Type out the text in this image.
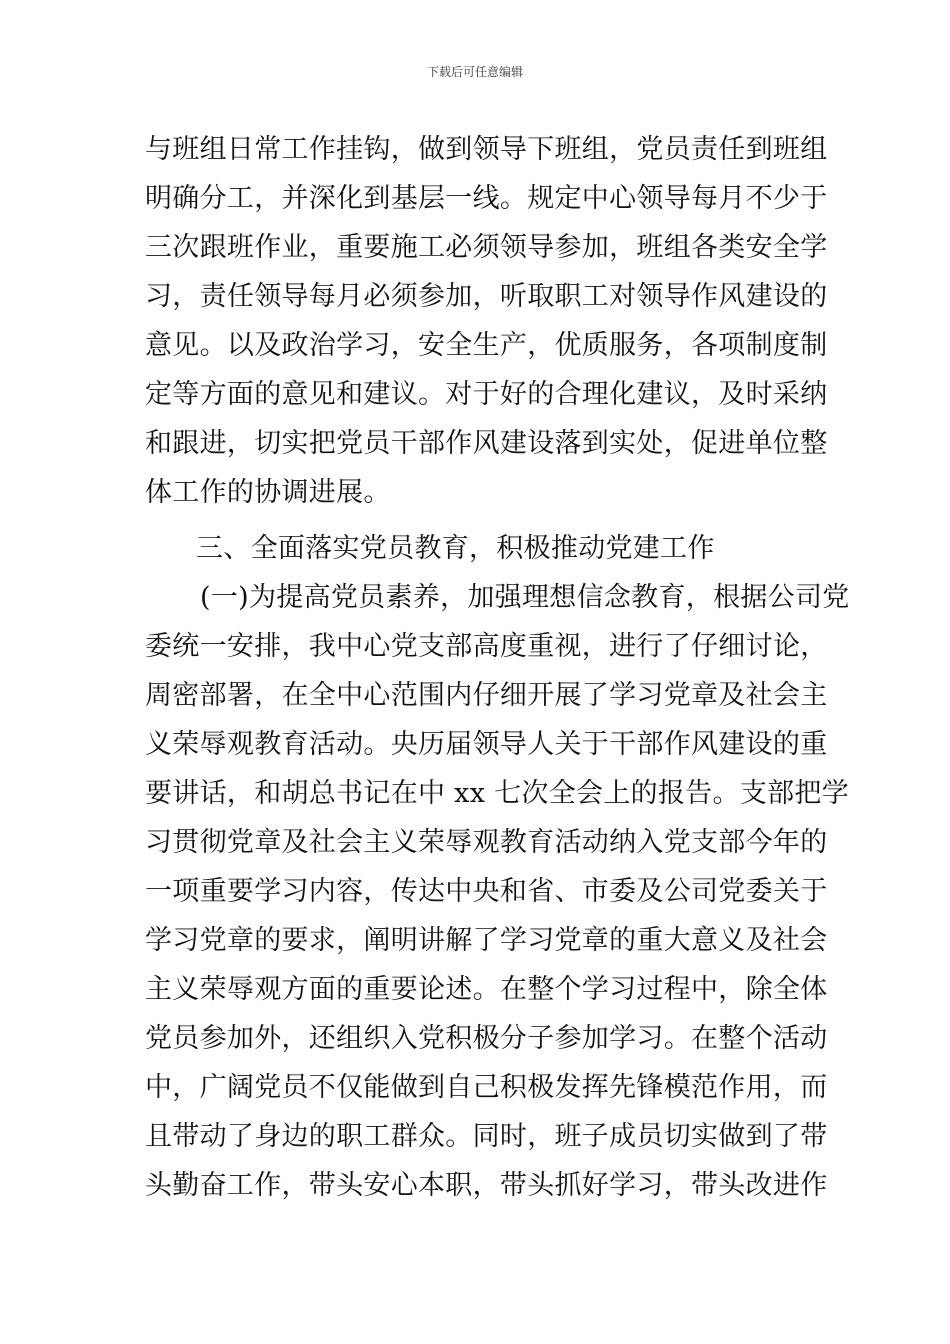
下载后可任意编辑
与班组日常工作挂钩，做到领导下班组，党员责任到班组
明确分工，并深化到基层一线。规定中心领导每月不少于
三次跟班作业，重要施工必须领导参加，班组各类安全学
习，责任领导每月必须参加，听取职工对领导作风建设的
意见。以及政治学习，安全生产，优质服务，各项制度制
定等方面的意见和建议。对于好的合理化建议，及时采纳
和跟进，切实把党员干部作风建设落到实处，促进单位整
体工作的协调进展。
三、全面落实党员教育，积极推动党建工作
(一)为提高党员素养，加强理想信念教育，根据公司党
委统一安排，我中心党支部高度重视，进行了仔细讨论，
周密部署，在全中心范围内仔细开展了学习党章及社会主
义荣辱观教育活动。央历届领导人关于干部作风建设的重
要讲话，和胡总书记在中 xx 七次全会上的报告。支部把学
习贯彻党章及社会主义荣辱观教育活动纳入党支部今年的
一项重要学习内容，传达中央和省、市委及公司党委关于
学习党章的要求，阐明讲解了学习党章的重大意义及社会
主义荣辱观方面的重要论述。在整个学习过程中，除全体
党员参加外，还组织入党积极分子参加学习。在整个活动
中，广阔党员不仅能做到自己积极发挥先锋模范作用，而
且带动了身边的职工群众。同时，班子成员切实做到了带
头勤奋工作，带头安心本职，带头抓好学习，带头改进作
